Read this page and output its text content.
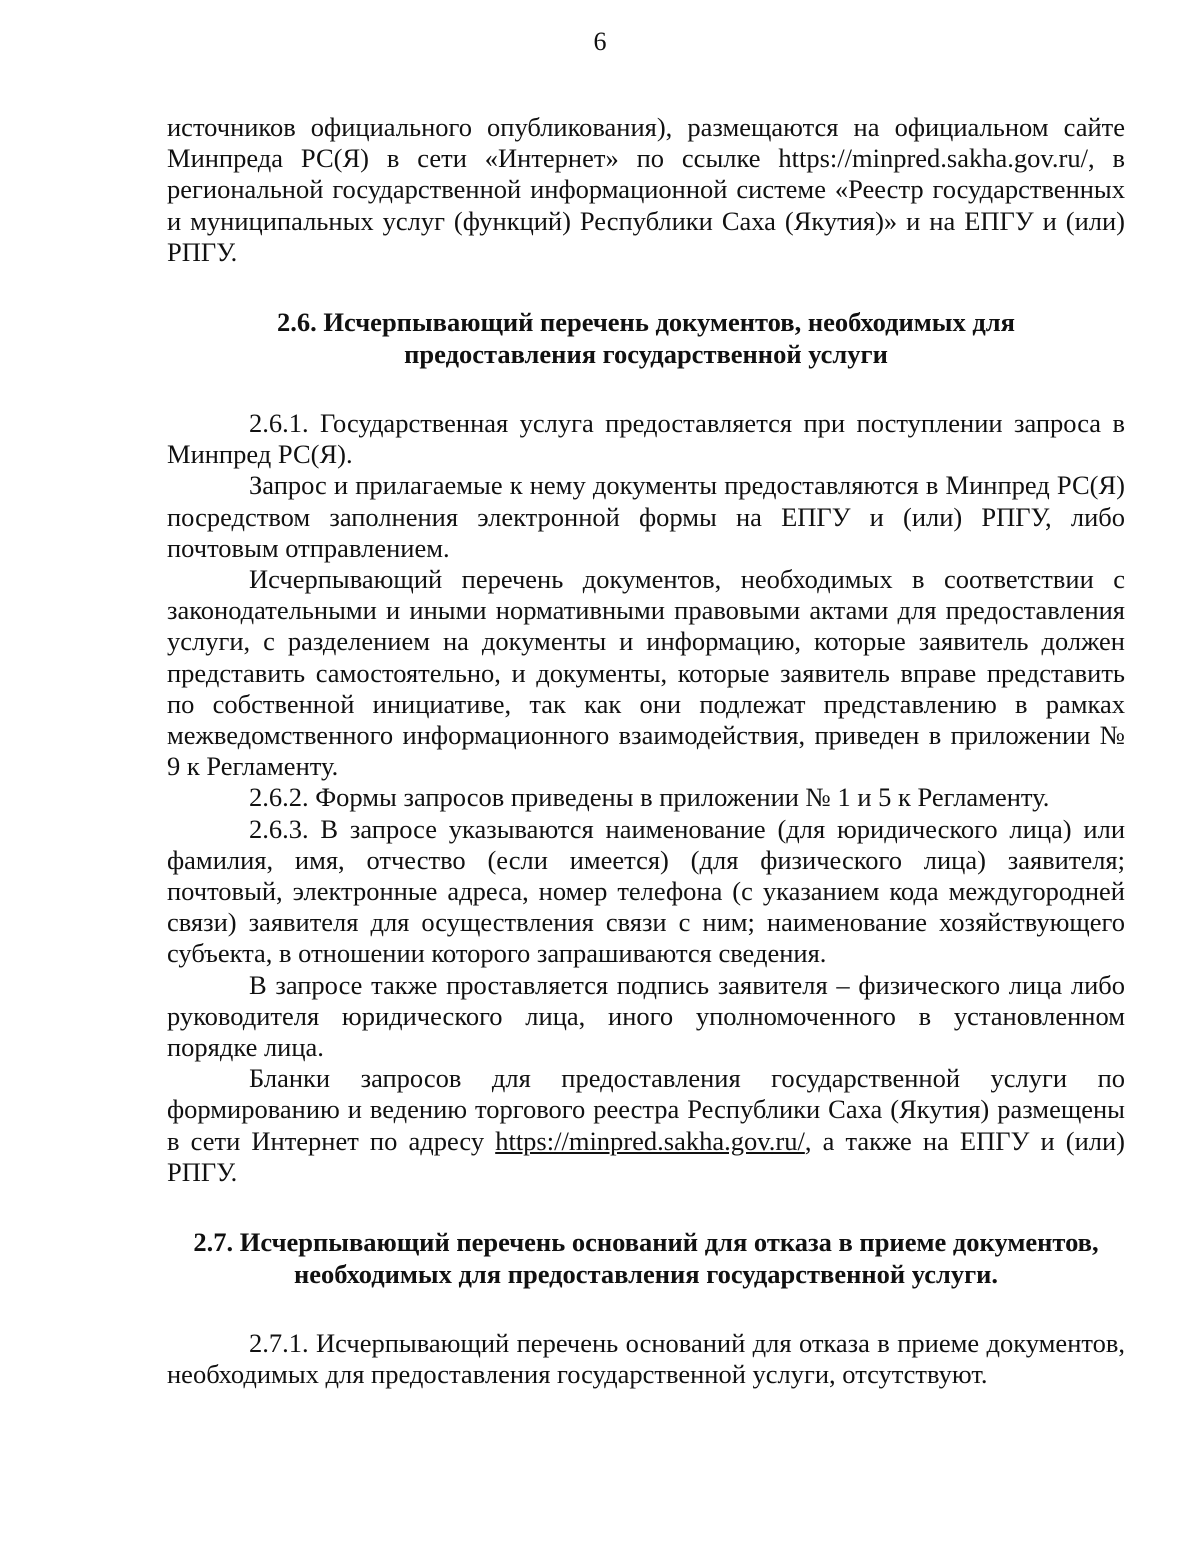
6

источников официального опубликования), размещаются на официальном сайте Минпреда РС(Я) в сети «Интернет» по ссылке https://minpred.sakha.gov.ru/, в региональной государственной информационной системе «Реестр государственных и муниципальных услуг (функций) Республики Саха (Якутия)» и на ЕПГУ и (или) РПГУ.

2.6. Исчерпывающий перечень документов, необходимых для
предоставления государственной услуги

2.6.1. Государственная услуга предоставляется при поступлении запроса в Минпред РС(Я).

Запрос и прилагаемые к нему документы предоставляются в Минпред РС(Я) посредством заполнения электронной формы на ЕПГУ и (или) РПГУ, либо почтовым отправлением.

Исчерпывающий перечень документов, необходимых в соответствии с законодательными и иными нормативными правовыми актами для предоставления услуги, с разделением на документы и информацию, которые заявитель должен представить самостоятельно, и документы, которые заявитель вправе представить по собственной инициативе, так как они подлежат представлению в рамках межведомственного информационного взаимодействия, приведен в приложении № 9 к Регламенту.

2.6.2. Формы запросов приведены в приложении № 1 и 5 к Регламенту.

2.6.3. В запросе указываются наименование (для юридического лица) или фамилия, имя, отчество (если имеется) (для физического лица) заявителя; почтовый, электронные адреса, номер телефона (с указанием кода междугородней связи) заявителя для осуществления связи с ним; наименование хозяйствующего субъекта, в отношении которого запрашиваются сведения.

В запросе также проставляется подпись заявителя – физического лица либо руководителя юридического лица, иного уполномоченного в установленном порядке лица.

Бланки запросов для предоставления государственной услуги по формированию и ведению торгового реестра Республики Саха (Якутия) размещены в сети Интернет по адресу https://minpred.sakha.gov.ru/, а также на ЕПГУ и (или) РПГУ.

2.7. Исчерпывающий перечень оснований для отказа в приеме документов,
необходимых для предоставления государственной услуги.

2.7.1. Исчерпывающий перечень оснований для отказа в приеме документов, необходимых для предоставления государственной услуги, отсутствуют.
